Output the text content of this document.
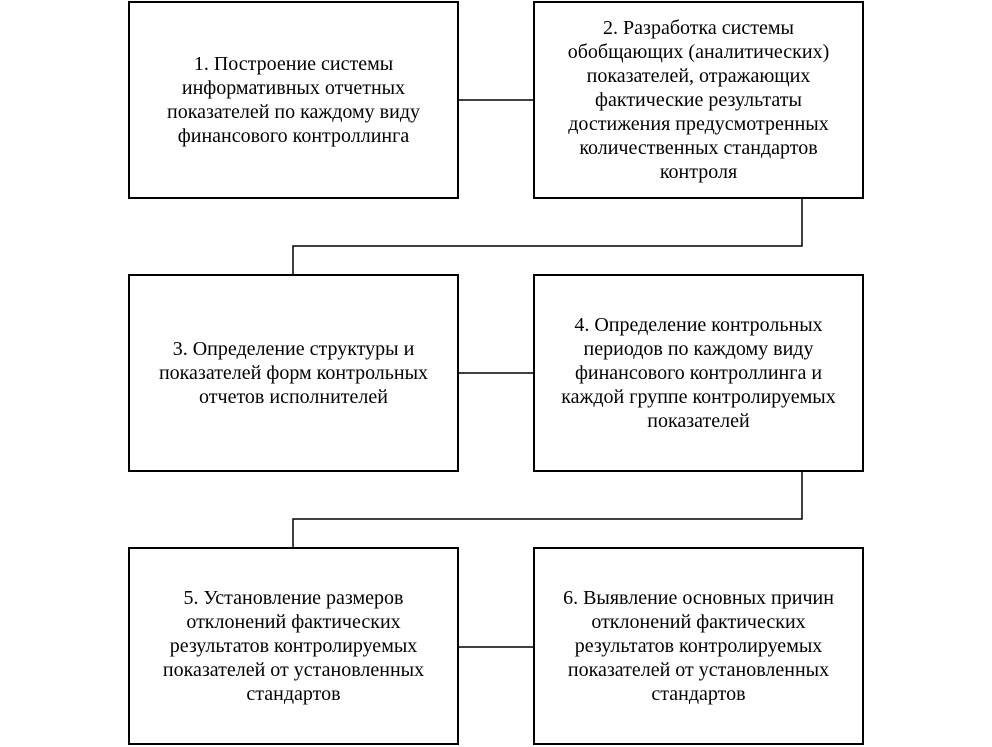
1. Построение системы информативных отчетных показателей по каждому виду финансового контроллинга
2. Разработка системы обобщающих (аналитических) показателей, отражающих фактические результаты достижения предусмотренных количественных стандартов контроля
3. Определение структуры и показателей форм контрольных отчетов исполнителей
4. Определение контрольных периодов по каждому виду финансового контроллинга и каждой группе контролируемых показателей
5. Установление размеров отклонений фактических результатов контролируемых показателей от установленных стандартов
6. Выявление основных причин отклонений фактических результатов контролируемых показателей от установленных стандартов
